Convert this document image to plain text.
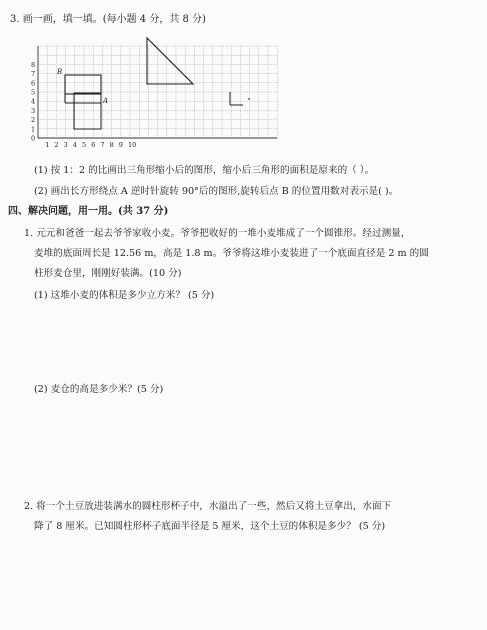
3. 画一画，填一填。(每小题 4 分，共 8 分)
0
1
2
3
4
5
6
7
8
1 2 3 4 5 6 7 8 9 10
B
A
(1) 按 1：2 的比画出三角形缩小后的图形，缩小后三角形的面积是原来的（ ）。
(2) 画出长方形绕点 A 逆时针旋转 90°后的图形,旋转后点 B 的位置用数对表示是( )。
四、解决问题，用一用。(共 37 分)
1. 元元和爸爸一起去爷爷家收小麦。爷爷把收好的一堆小麦堆成了一个圆锥形。经过测量，
麦堆的底面周长是 12.56 m，高是 1.8 m。爷爷将这堆小麦装进了一个底面直径是 2 m 的圆
柱形麦仓里，刚刚好装满。(10 分)
(1) 这堆小麦的体积是多少立方米？ (5 分)
(2) 麦仓的高是多少米？(5 分)
2. 将一个土豆放进装满水的圆柱形杯子中，水溢出了一些，然后又将土豆拿出，水面下
降了 8 厘米。已知圆柱形杯子底面半径是 5 厘米，这个土豆的体积是多少？ (5 分)
